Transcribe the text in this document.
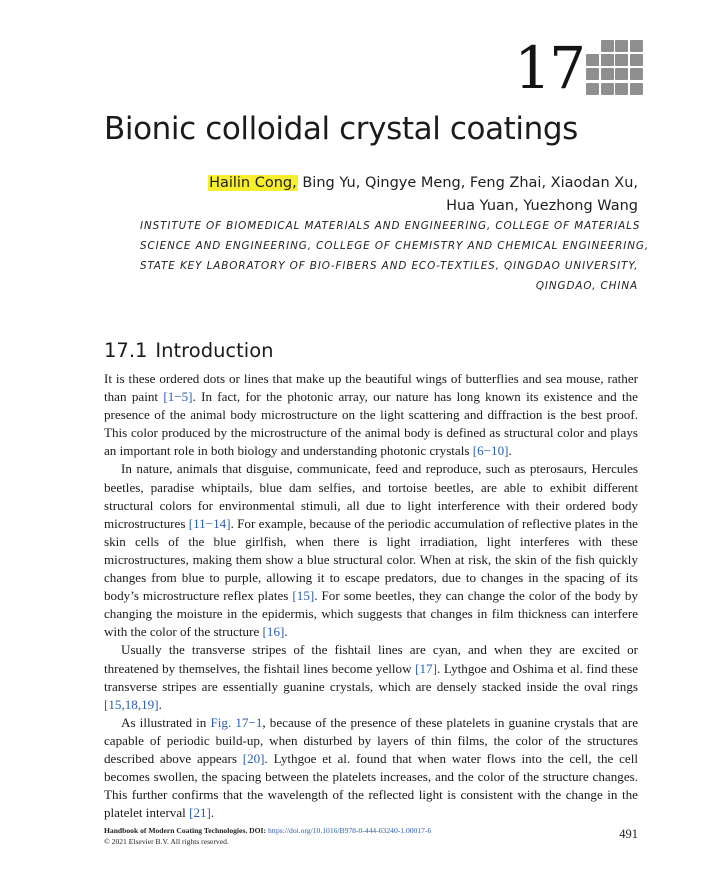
17
Bionic colloidal crystal coatings
Hailin Cong, Bing Yu, Qingye Meng, Feng Zhai, Xiaodan Xu,
Hua Yuan, Yuezhong Wang
INSTITUTE OF BIOMEDICAL MATERIALS AND ENGINEERING, COLLEGE OF MATERIALS
SCIENCE AND ENGINEERING, COLLEGE OF CHEMISTRY AND CHEMICAL ENGINEERING,
STATE KEY LABORATORY OF BIO-FIBERS AND ECO-TEXTILES, QINGDAO UNIVERSITY,
QINGDAO, CHINA
17.1 Introduction

It is these ordered dots or lines that make up the beautiful wings of butterflies and sea mouse, rather than paint [1−5]. In fact, for the photonic array, our nature has long known its existence and the presence of the animal body microstructure on the light scattering and diffraction is the best proof. This color produced by the microstructure of the animal body is defined as structural color and plays an important role in both biology and understanding photonic crystals [6−10].

In nature, animals that disguise, communicate, feed and reproduce, such as pterosaurs, Hercules beetles, paradise whiptails, blue dam selfies, and tortoise beetles, are able to exhibit different structural colors for environmental stimuli, all due to light interference with their ordered body microstructures [11−14]. For example, because of the periodic accumulation of reflective plates in the skin cells of the blue girlfish, when there is light irradiation, light interferes with these microstructures, making them show a blue structural color. When at risk, the skin of the fish quickly changes from blue to purple, allowing it to escape predators, due to changes in the spacing of its body’s microstructure reflex plates [15]. For some beetles, they can change the color of the body by changing the moisture in the epidermis, which suggests that changes in film thickness can interfere with the color of the structure [16].

Usually the transverse stripes of the fishtail lines are cyan, and when they are excited or threatened by themselves, the fishtail lines become yellow [17]. Lythgoe and Oshima et al. find these transverse stripes are essentially guanine crystals, which are densely stacked inside the oval rings [15,18,19].

As illustrated in Fig. 17−1, because of the presence of these platelets in guanine crystals that are capable of periodic build-up, when disturbed by layers of thin films, the color of the structures described above appears [20]. Lythgoe et al. found that when water flows into the cell, the cell becomes swollen, the spacing between the platelets increases, and the color of the structure changes. This further confirms that the wavelength of the reflected light is consistent with the change in the platelet interval [21].

Handbook of Modern Coating Technologies. DOI: https://doi.org/10.1016/B978-0-444-63240-1.00017-6
© 2021 Elsevier B.V. All rights reserved.
491
